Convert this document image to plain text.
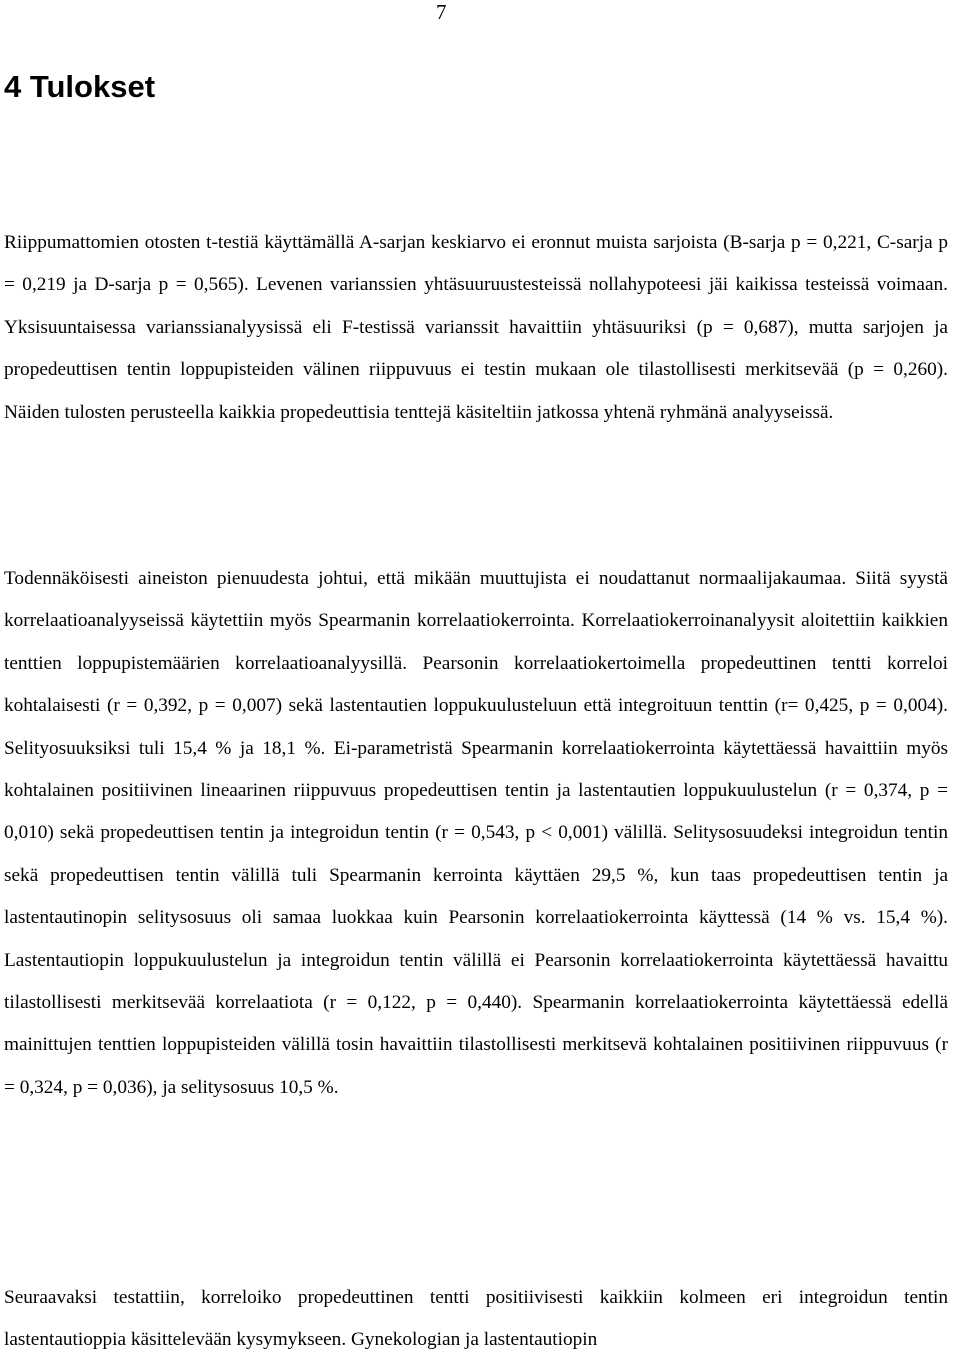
7
4 Tulokset

Riippumattomien otosten t-testiä käyttämällä A-sarjan keskiarvo ei eronnut muista sarjoista (B-sarja p = 0,221, C-sarja p = 0,219 ja D-sarja p = 0,565). Levenen varianssien yhtäsuuruustesteissä nollahypoteesi jäi kaikissa testeissä voimaan. Yksisuuntaisessa varianssianalyysissä eli F-testissä varianssit havaittiin yhtäsuuriksi (p = 0,687), mutta sarjojen ja propedeuttisen tentin loppupisteiden välinen riippuvuus ei testin mukaan ole tilastollisesti merkitsevää (p = 0,260). Näiden tulosten perusteella kaikkia propedeuttisia tenttejä käsiteltiin jatkossa yhtenä ryhmänä analyyseissä.

Todennäköisesti aineiston pienuudesta johtui, että mikään muuttujista ei noudattanut normaalijakaumaa. Siitä syystä korrelaatioanalyyseissä käytettiin myös Spearmanin korrelaatiokerrointa. Korrelaatiokerroinanalyysit aloitettiin kaikkien tenttien loppupistemäärien korrelaatioanalyysillä. Pearsonin korrelaatiokertoimella propedeuttinen tentti korreloi kohtalaisesti (r = 0,392, p = 0,007) sekä lastentautien loppukuulusteluun että integroituun tenttin (r= 0,425, p = 0,004). Selityosuuksiksi tuli 15,4 % ja 18,1 %. Ei-parametristä Spearmanin korrelaatiokerrointa käytettäessä havaittiin myös kohtalainen positiivinen lineaarinen riippuvuus propedeuttisen tentin ja lastentautien loppukuulustelun (r = 0,374, p = 0,010) sekä propedeuttisen tentin ja integroidun tentin (r = 0,543, p < 0,001) välillä. Selitysosuudeksi integroidun tentin sekä propedeuttisen tentin välillä tuli Spearmanin kerrointa käyttäen 29,5 %, kun taas propedeuttisen tentin ja lastentautinopin selitysosuus oli samaa luokkaa kuin Pearsonin korrelaatiokerrointa käyttessä (14 % vs. 15,4 %). Lastentautiopin loppukuulustelun ja integroidun tentin välillä ei Pearsonin korrelaatiokerrointa käytettäessä havaittu tilastollisesti merkitsevää korrelaatiota (r = 0,122, p = 0,440). Spearmanin korrelaatiokerrointa käytettäessä edellä mainittujen tenttien loppupisteiden välillä tosin havaittiin tilastollisesti merkitsevä kohtalainen positiivinen riippuvuus (r = 0,324, p = 0,036), ja selitysosuus 10,5 %.

Seuraavaksi testattiin, korreloiko propedeuttinen tentti positiivisesti kaikkiin kolmeen eri integroidun tentin lastentautioppia käsittelevään kysymykseen. Gynekologian ja lastentautiopin
